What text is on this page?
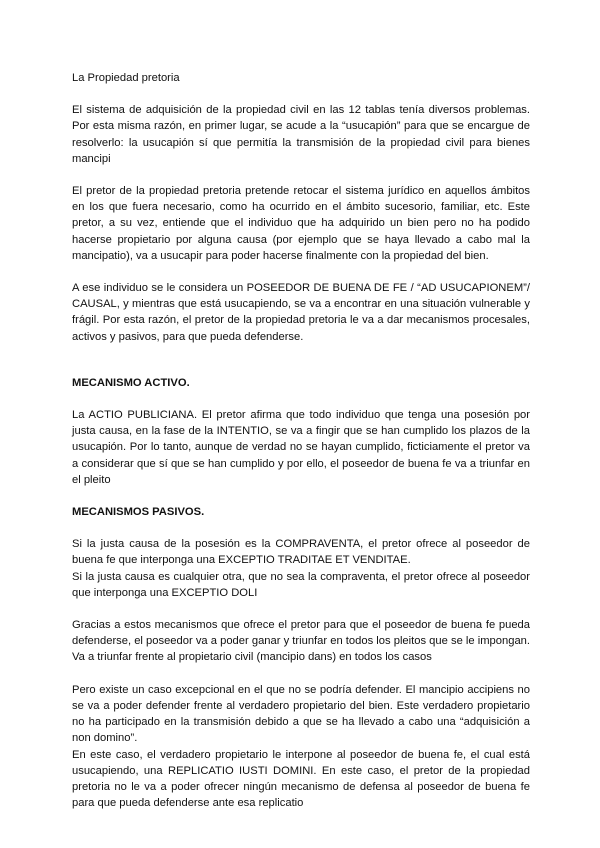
La Propiedad pretoria

El sistema de adquisición de la propiedad civil en las 12 tablas tenía diversos problemas. Por esta misma razón, en primer lugar, se acude a la “usucapión” para que se encargue de resolverlo: la usucapión sí que permitía la transmisión de la propiedad civil para bienes mancipi

El pretor de la propiedad pretoria pretende retocar el sistema jurídico en aquellos ámbitos en los que fuera necesario, como ha ocurrido en el ámbito sucesorio, familiar, etc. Este pretor, a su vez, entiende que el individuo que ha adquirido un bien pero no ha podido hacerse propietario por alguna causa (por ejemplo que se haya llevado a cabo mal la mancipatio), va a usucapir para poder hacerse finalmente con la propiedad del bien.

A ese individuo se le considera un POSEEDOR DE BUENA DE FE / “AD USUCAPIONEM”/ CAUSAL, y mientras que está usucapiendo, se va a encontrar en una situación vulnerable y frágil. Por esta razón, el pretor de la propiedad pretoria le va a dar mecanismos procesales, activos y pasivos, para que pueda defenderse.

MECANISMO ACTIVO.

La ACTIO PUBLICIANA. El pretor afirma que todo individuo que tenga una posesión por justa causa, en la fase de la INTENTIO, se va a fingir que se han cumplido los plazos de la usucapión. Por lo tanto, aunque de verdad no se hayan cumplido, ficticiamente el pretor va a considerar que sí que se han cumplido y por ello, el poseedor de buena fe va a triunfar en el pleito

MECANISMOS PASIVOS.

Si la justa causa de la posesión es la COMPRAVENTA, el pretor ofrece al poseedor de buena fe que interponga una EXCEPTIO TRADITAE ET VENDITAE.

Si la justa causa es cualquier otra, que no sea la compraventa, el pretor ofrece al poseedor que interponga una EXCEPTIO DOLI

Gracias a estos mecanismos que ofrece el pretor para que el poseedor de buena fe pueda defenderse, el poseedor va a poder ganar y triunfar en todos los pleitos que se le impongan. Va a triunfar frente al propietario civil (mancipio dans) en todos los casos

Pero existe un caso excepcional en el que no se podría defender. El mancipio accipiens no se va a poder defender frente al verdadero propietario del bien. Este verdadero propietario no ha participado en la transmisión debido a que se ha llevado a cabo una “adquisición a non domino”.

En este caso, el verdadero propietario le interpone al poseedor de buena fe, el cual está usucapiendo, una REPLICATIO IUSTI DOMINI. En este caso, el pretor de la propiedad pretoria no le va a poder ofrecer ningún mecanismo de defensa al poseedor de buena fe para que pueda defenderse ante esa replicatio
